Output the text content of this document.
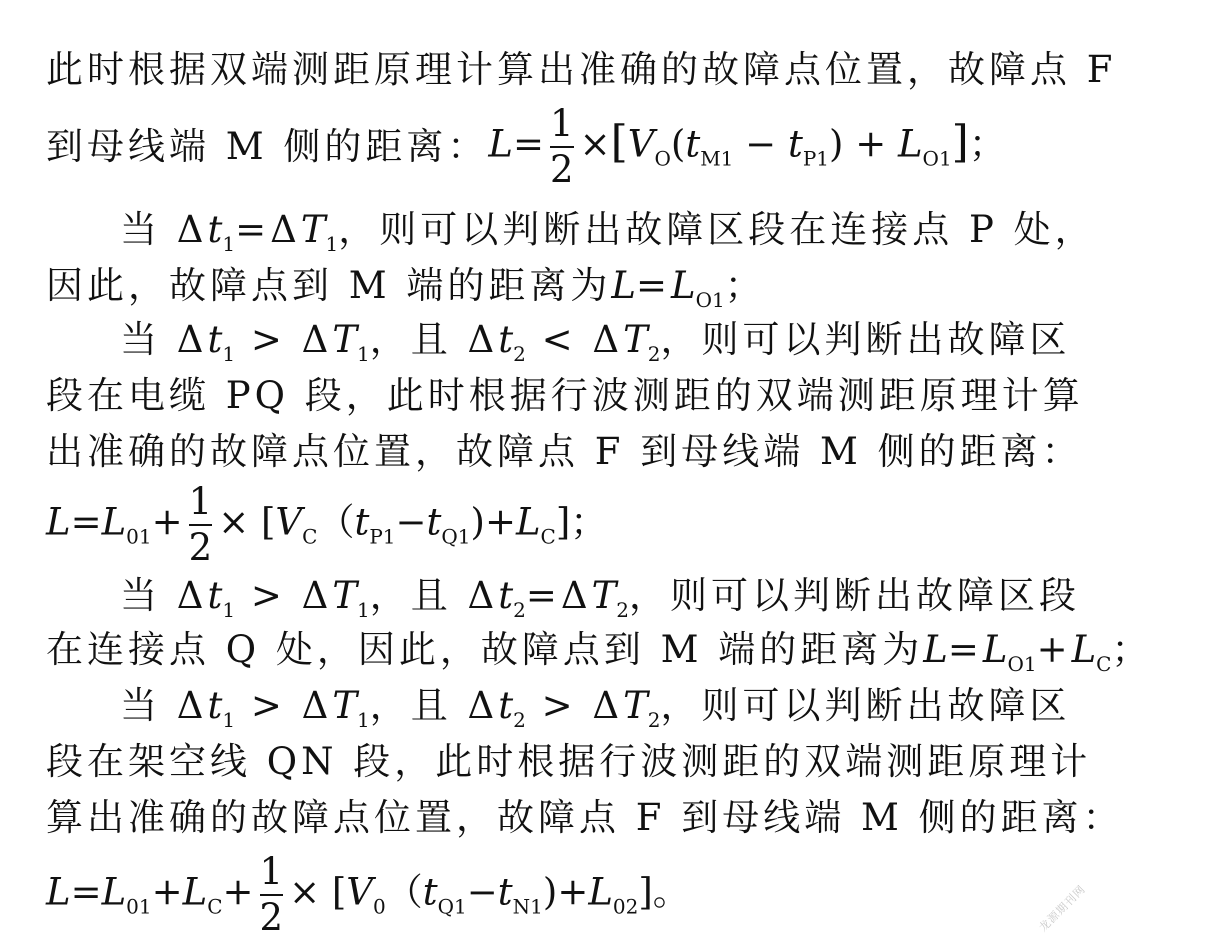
此时根据双端测距原理计算出准确的故障点位置，故障点 F
到母线端 M 侧的距离：$L= \frac{1}{2} \times[V_O(t_{M1} - t_{P1}) + L_{O1}]$；
当 $\Delta t_1=\Delta T_1$，则可以判断出故障区段在连接点 P 处，
因此，故障点到 M 端的距离为$L=L_{O1}$；
当 $\Delta t_1 > \Delta T_1$，且 $\Delta t_2 < \Delta T_2$，则可以判断出故障区
段在电缆 PQ 段，此时根据行波测距的双端测距原理计算
出准确的故障点位置，故障点 F 到母线端 M 侧的距离：
$L=L_{01}+ \frac{1}{2} \times [V_C(t_{P1}-t_{Q1})+L_C]$；
当 $\Delta t_1 > \Delta T_1$，且 $\Delta t_2=\Delta T_2$，则可以判断出故障区段
在连接点 Q 处，因此，故障点到 M 端的距离为$L=L_{O1}+L_C$；
当 $\Delta t_1 > \Delta T_1$，且 $\Delta t_2 > \Delta T_2$，则可以判断出故障区
段在架空线 QN 段，此时根据行波测距的双端测距原理计
算出准确的故障点位置，故障点 F 到母线端 M 侧的距离：
$L=L_{01}+L_C+ \frac{1}{2} \times [V_0(t_{Q1}-t_{N1})+L_{02}]$。	龙源期刊网
